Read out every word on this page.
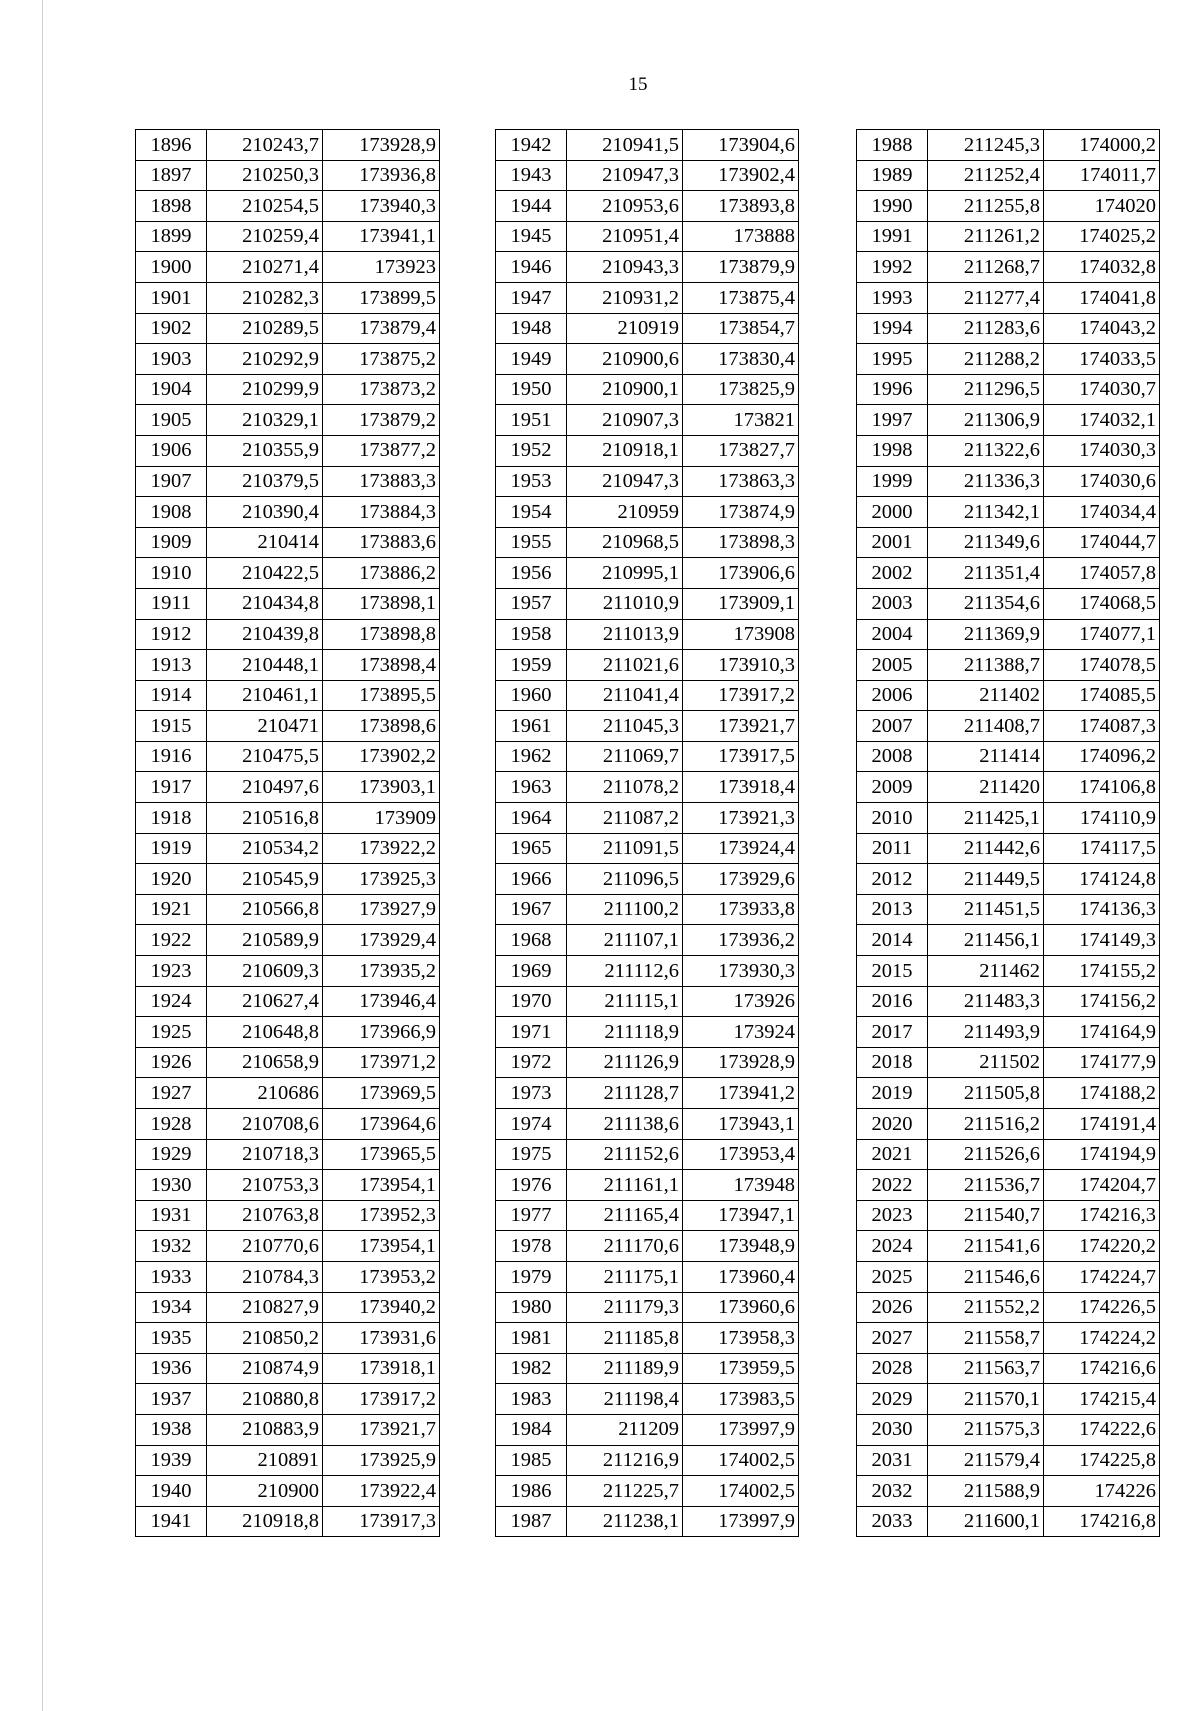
15
1896	210243,7	173928,9
1897	210250,3	173936,8
1898	210254,5	173940,3
1899	210259,4	173941,1
1900	210271,4	173923
1901	210282,3	173899,5
1902	210289,5	173879,4
1903	210292,9	173875,2
1904	210299,9	173873,2
1905	210329,1	173879,2
1906	210355,9	173877,2
1907	210379,5	173883,3
1908	210390,4	173884,3
1909	210414	173883,6
1910	210422,5	173886,2
1911	210434,8	173898,1
1912	210439,8	173898,8
1913	210448,1	173898,4
1914	210461,1	173895,5
1915	210471	173898,6
1916	210475,5	173902,2
1917	210497,6	173903,1
1918	210516,8	173909
1919	210534,2	173922,2
1920	210545,9	173925,3
1921	210566,8	173927,9
1922	210589,9	173929,4
1923	210609,3	173935,2
1924	210627,4	173946,4
1925	210648,8	173966,9
1926	210658,9	173971,2
1927	210686	173969,5
1928	210708,6	173964,6
1929	210718,3	173965,5
1930	210753,3	173954,1
1931	210763,8	173952,3
1932	210770,6	173954,1
1933	210784,3	173953,2
1934	210827,9	173940,2
1935	210850,2	173931,6
1936	210874,9	173918,1
1937	210880,8	173917,2
1938	210883,9	173921,7
1939	210891	173925,9
1940	210900	173922,4
1941	210918,8	173917,3
1942	210941,5	173904,6
1943	210947,3	173902,4
1944	210953,6	173893,8
1945	210951,4	173888
1946	210943,3	173879,9
1947	210931,2	173875,4
1948	210919	173854,7
1949	210900,6	173830,4
1950	210900,1	173825,9
1951	210907,3	173821
1952	210918,1	173827,7
1953	210947,3	173863,3
1954	210959	173874,9
1955	210968,5	173898,3
1956	210995,1	173906,6
1957	211010,9	173909,1
1958	211013,9	173908
1959	211021,6	173910,3
1960	211041,4	173917,2
1961	211045,3	173921,7
1962	211069,7	173917,5
1963	211078,2	173918,4
1964	211087,2	173921,3
1965	211091,5	173924,4
1966	211096,5	173929,6
1967	211100,2	173933,8
1968	211107,1	173936,2
1969	211112,6	173930,3
1970	211115,1	173926
1971	211118,9	173924
1972	211126,9	173928,9
1973	211128,7	173941,2
1974	211138,6	173943,1
1975	211152,6	173953,4
1976	211161,1	173948
1977	211165,4	173947,1
1978	211170,6	173948,9
1979	211175,1	173960,4
1980	211179,3	173960,6
1981	211185,8	173958,3
1982	211189,9	173959,5
1983	211198,4	173983,5
1984	211209	173997,9
1985	211216,9	174002,5
1986	211225,7	174002,5
1987	211238,1	173997,9
1988	211245,3	174000,2
1989	211252,4	174011,7
1990	211255,8	174020
1991	211261,2	174025,2
1992	211268,7	174032,8
1993	211277,4	174041,8
1994	211283,6	174043,2
1995	211288,2	174033,5
1996	211296,5	174030,7
1997	211306,9	174032,1
1998	211322,6	174030,3
1999	211336,3	174030,6
2000	211342,1	174034,4
2001	211349,6	174044,7
2002	211351,4	174057,8
2003	211354,6	174068,5
2004	211369,9	174077,1
2005	211388,7	174078,5
2006	211402	174085,5
2007	211408,7	174087,3
2008	211414	174096,2
2009	211420	174106,8
2010	211425,1	174110,9
2011	211442,6	174117,5
2012	211449,5	174124,8
2013	211451,5	174136,3
2014	211456,1	174149,3
2015	211462	174155,2
2016	211483,3	174156,2
2017	211493,9	174164,9
2018	211502	174177,9
2019	211505,8	174188,2
2020	211516,2	174191,4
2021	211526,6	174194,9
2022	211536,7	174204,7
2023	211540,7	174216,3
2024	211541,6	174220,2
2025	211546,6	174224,7
2026	211552,2	174226,5
2027	211558,7	174224,2
2028	211563,7	174216,6
2029	211570,1	174215,4
2030	211575,3	174222,6
2031	211579,4	174225,8
2032	211588,9	174226
2033	211600,1	174216,8
